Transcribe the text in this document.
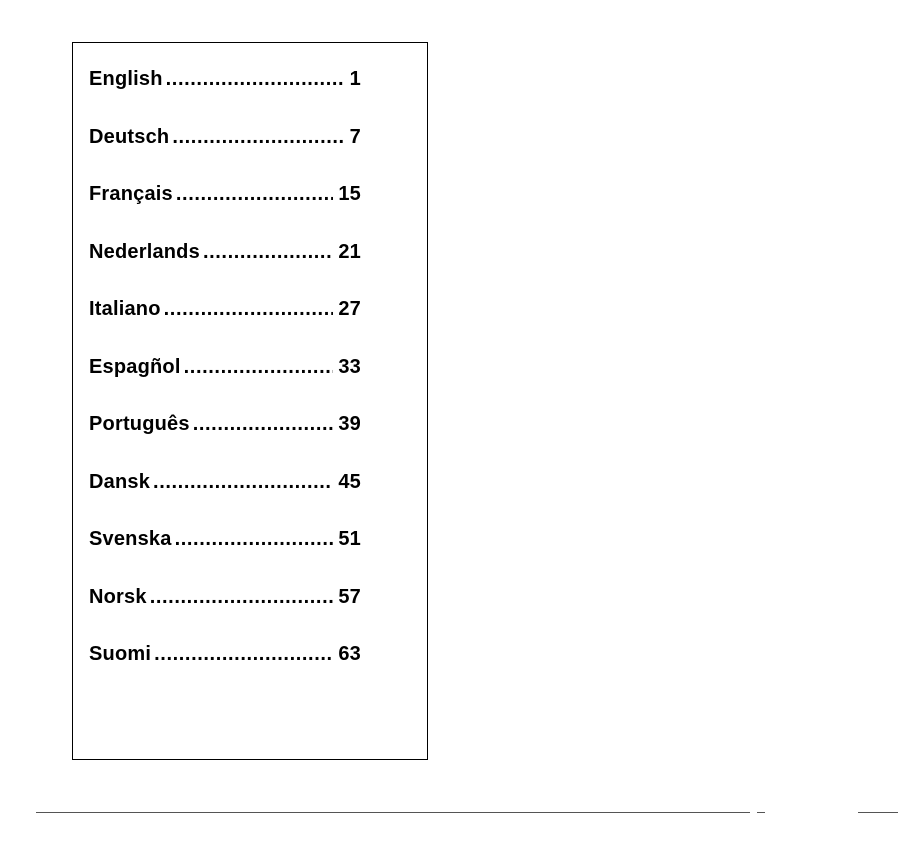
English .....	1
Deutsch .....	7
Français .....	15
Nederlands .....	21
Italiano .....	27
Espagñol .....	33
Português .....	39
Dansk .....	45
Svenska .....	51
Norsk .....	57
Suomi .....	63
